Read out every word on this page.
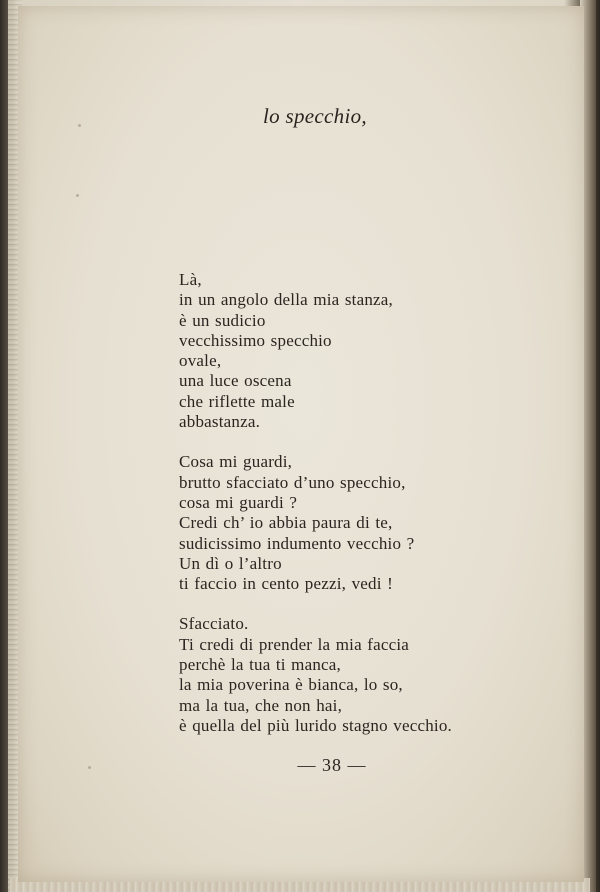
lo specchio,
Là,
in un angolo della mia stanza,
è un sudicio
vecchissimo specchio
ovale,
una luce oscena
che riflette male
abbastanza.
Cosa mi guardi,
brutto sfacciato d’uno specchio,
cosa mi guardi ?
Credi ch’ io abbia paura di te,
sudicissimo indumento vecchio ?
Un dì o l’altro
ti faccio in cento pezzi, vedi !
Sfacciato.
Ti credi di prender la mia faccia
perchè la tua ti manca,
la mia poverina è bianca, lo so,
ma la tua, che non hai,
è quella del più lurido stagno vecchio.
— 38 —
